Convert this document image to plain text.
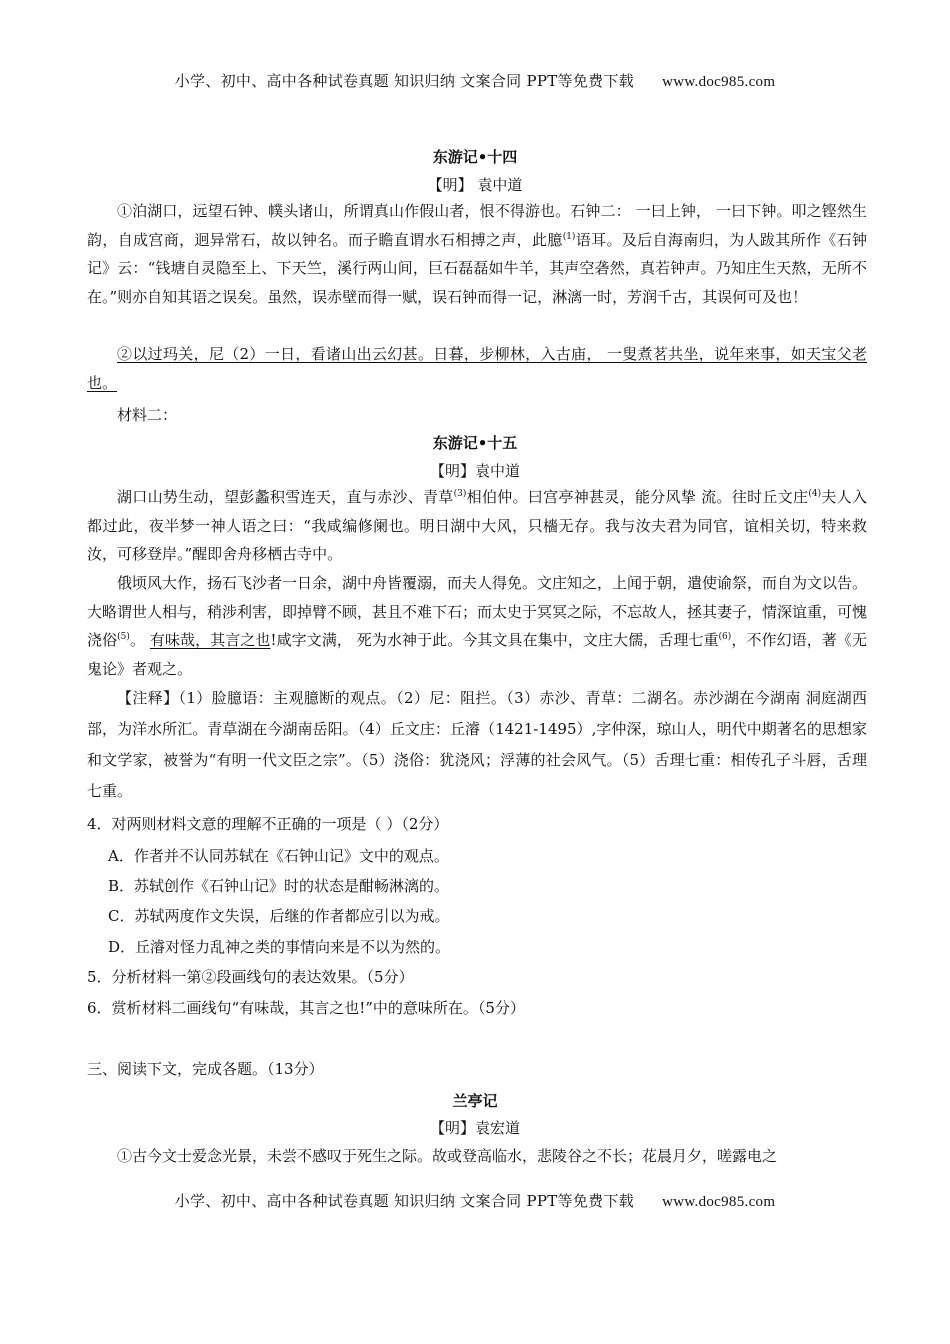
小学、初中、高中各种试卷真题 知识归纳 文案合同 PPT等免费下载 www.doc985.com
东游记•十四
【明】 袁中道
①泊湖口，远望石钟、幞头诸山，所谓真山作假山者，恨不得游也。石钟二： 一曰上钟， 一曰下钟。叩之铿然生韵，自成宫商，迥异常石，故以钟名。而子瞻直谓水石相搏之声，此臆$^{(1)}$语耳。及后自海南归，为人跋其所作《石钟记》云：“钱塘自灵隐至上、下天竺，溪行两山间，巨石磊磊如牛羊，其声空砻然，真若钟声。乃知庄生天熬，无所不在。”则亦自知其语之误矣。虽然，误赤壁而得一赋，误石钟而得一记，淋漓一时，芳润千古，其误何可及也！
②以过玛关，尼（2）一日，看诸山出云幻甚。日暮，步柳林，入古庙， 一叟煮茗共坐，说年来事，如天宝父老也。
材料二：
东游记•十五
【明】袁中道
湖口山势生动，望彭蠡积雪连天，直与赤沙、青草$^{(3)}$相伯仲。曰宫亭神甚灵，能分风挚 流。往时丘文庄$^{(4)}$夫人入都过此，夜半梦一神人语之曰：“我咸编修阑也。明日湖中大风，只檣无存。我与汝夫君为同官，谊相关切，特来救汝，可移登岸。”醒即舍舟移栖古寺中。
俄顷风大作，扬石飞沙者一日余，湖中舟皆覆溺，而夫人得免。文庄知之，上闻于朝，遣使谕祭，而自为文以告。大略谓世人相与，稍涉利害，即掉臂不顾，甚且不难下石；而太史于冥冥之际，不忘故人，拯其妻子，情深谊重，可愧浇俗$^{(5)}$。 有味哉，其言之也!咸字文满， 死为水神于此。今其文具在集中，文庄大儒，舌理七重$^{(6)}$，不作幻语，著《无鬼论》者观之。
【注释】（1）脸臆语：主观臆断的观点。（2）尼：阻拦。（3）赤沙、青草：二湖名。赤沙湖在今湖南 洞庭湖西部，为洋水所汇。青草湖在今湖南岳阳。（4）丘文庄：丘濬（1421-1495）,字仲深，琼山人，明代中期著名的思想家和文学家，被誉为“有明一代文臣之宗”。（5）浇俗：犹浇风；浮薄的社会风气。（5）舌理七重：相传孔子斗唇，舌理七重。
4．对两则材料文意的理解不正确的一项是（ ）（2分）
A．作者并不认同苏轼在《石钟山记》文中的观点。
B．苏轼创作《石钟山记》时的状态是酣畅淋漓的。
C．苏轼两度作文失误，后继的作者都应引以为戒。
D．丘濬对怪力乱神之类的事情向来是不以为然的。
5．分析材料一第②段画线句的表达效果。（5分）
6．赏析材料二画线句“有味哉，其言之也!”中的意味所在。（5分）
三、阅读下文，完成各题。（13分）
兰亭记
【明】袁宏道
①古今文士爱念光景，未尝不感叹于死生之际。故或登高临水，悲陵谷之不长；花晨月夕，嗟露电之
小学、初中、高中各种试卷真题 知识归纳 文案合同 PPT等免费下载 www.doc985.com
